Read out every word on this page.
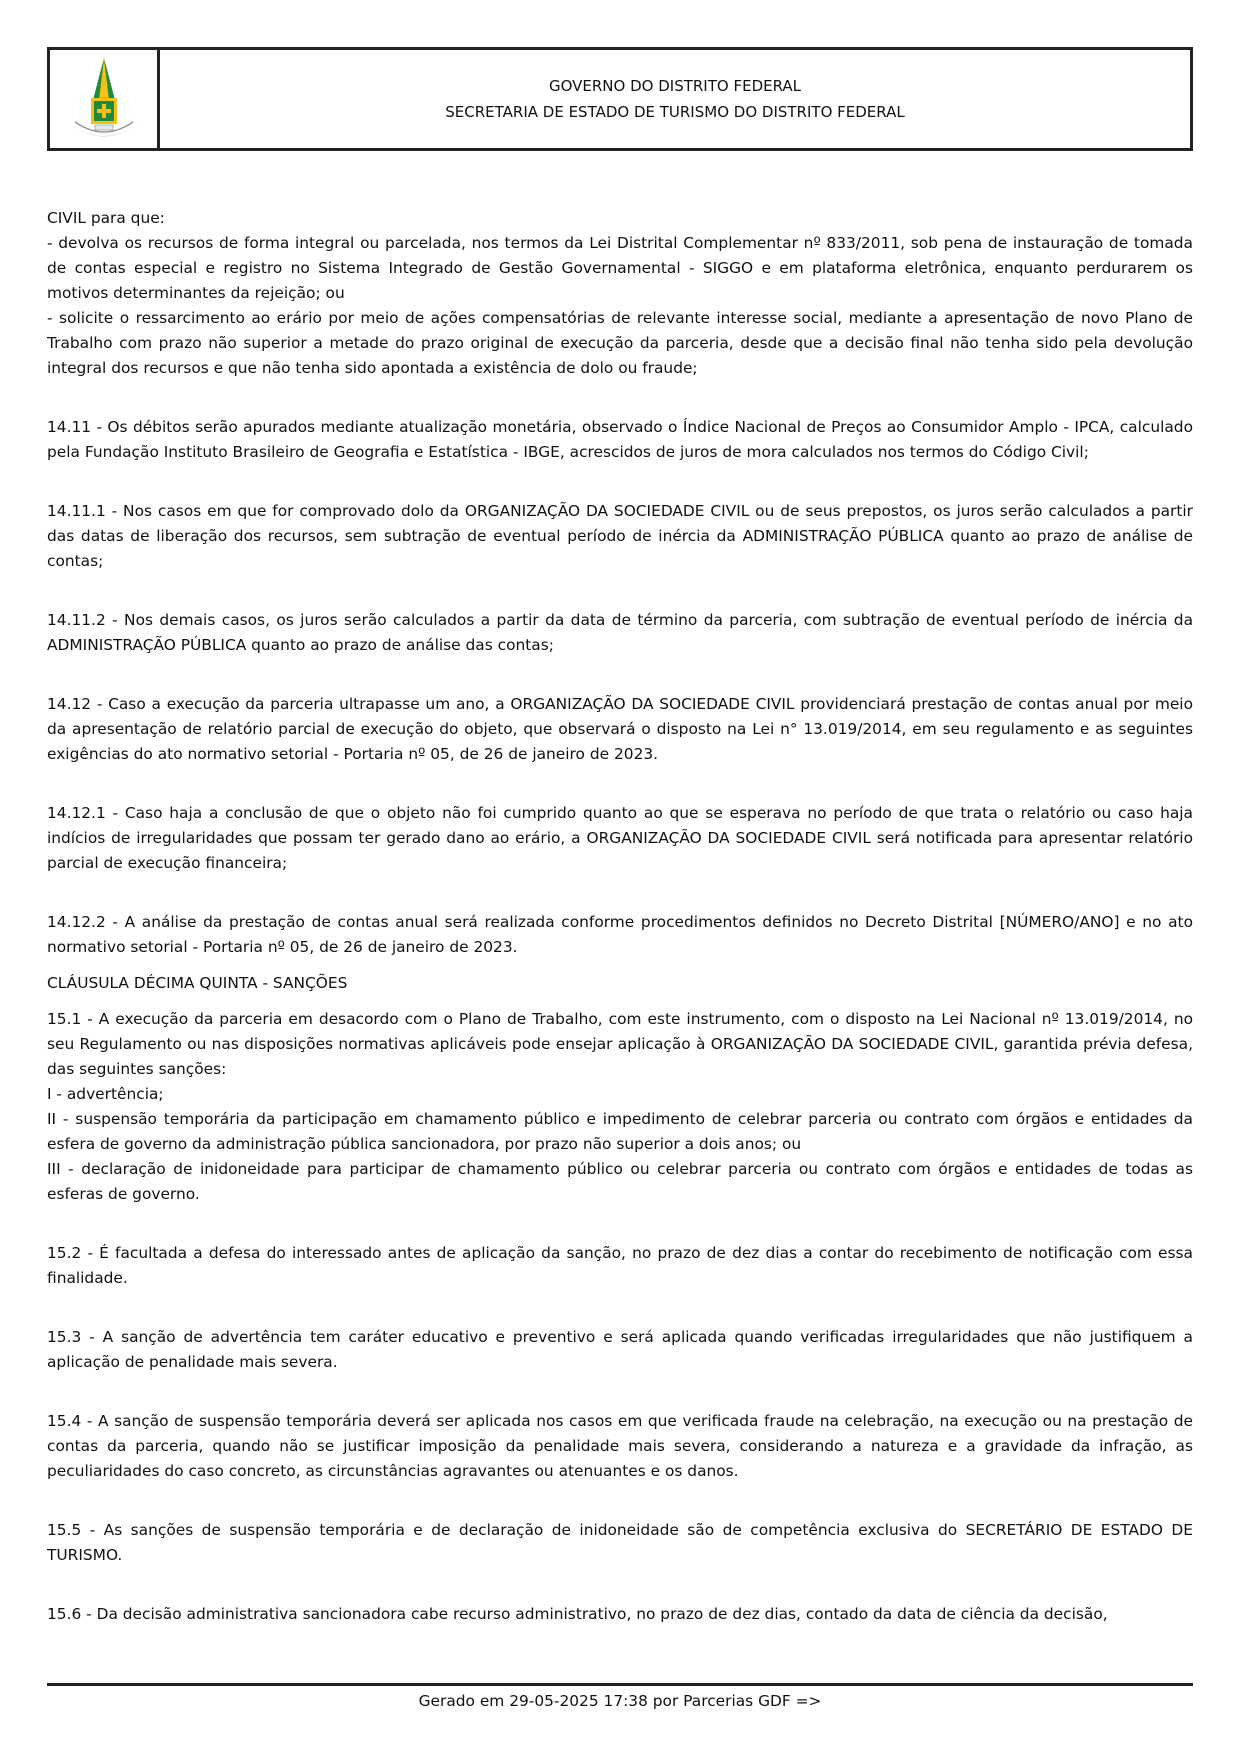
GOVERNO DO DISTRITO FEDERAL
SECRETARIA DE ESTADO DE TURISMO DO DISTRITO FEDERAL

CIVIL para que:

- devolva os recursos de forma integral ou parcelada, nos termos da Lei Distrital Complementar nº 833/2011, sob pena de instauração de tomada de contas especial e registro no Sistema Integrado de Gestão Governamental - SIGGO e em plataforma eletrônica, enquanto perdurarem os motivos determinantes da rejeição; ou

- solicite o ressarcimento ao erário por meio de ações compensatórias de relevante interesse social, mediante a apresentação de novo Plano de Trabalho com prazo não superior a metade do prazo original de execução da parceria, desde que a decisão final não tenha sido pela devolução integral dos recursos e que não tenha sido apontada a existência de dolo ou fraude;

14.11 - Os débitos serão apurados mediante atualização monetária, observado o Índice Nacional de Preços ao Consumidor Amplo - IPCA, calculado pela Fundação Instituto Brasileiro de Geografia e Estatística - IBGE, acrescidos de juros de mora calculados nos termos do Código Civil;

14.11.1 - Nos casos em que for comprovado dolo da ORGANIZAÇÃO DA SOCIEDADE CIVIL ou de seus prepostos, os juros serão calculados a partir das datas de liberação dos recursos, sem subtração de eventual período de inércia da ADMINISTRAÇÃO PÚBLICA quanto ao prazo de análise de contas;

14.11.2 - Nos demais casos, os juros serão calculados a partir da data de término da parceria, com subtração de eventual período de inércia da ADMINISTRAÇÃO PÚBLICA quanto ao prazo de análise das contas;

14.12 - Caso a execução da parceria ultrapasse um ano, a ORGANIZAÇÃO DA SOCIEDADE CIVIL providenciará prestação de contas anual por meio da apresentação de relatório parcial de execução do objeto, que observará o disposto na Lei n° 13.019/2014, em seu regulamento e as seguintes exigências do ato normativo setorial - Portaria nº 05, de 26 de janeiro de 2023.

14.12.1 - Caso haja a conclusão de que o objeto não foi cumprido quanto ao que se esperava no período de que trata o relatório ou caso haja indícios de irregularidades que possam ter gerado dano ao erário, a ORGANIZAÇÃO DA SOCIEDADE CIVIL será notificada para apresentar relatório parcial de execução financeira;

14.12.2 - A análise da prestação de contas anual será realizada conforme procedimentos definidos no Decreto Distrital [NÚMERO/ANO] e no ato normativo setorial - Portaria nº 05, de 26 de janeiro de 2023.

CLÁUSULA DÉCIMA QUINTA - SANÇÕES

15.1 - A execução da parceria em desacordo com o Plano de Trabalho, com este instrumento, com o disposto na Lei Nacional nº 13.019/2014, no seu Regulamento ou nas disposições normativas aplicáveis pode ensejar aplicação à ORGANIZAÇÃO DA SOCIEDADE CIVIL, garantida prévia defesa, das seguintes sanções:

I - advertência;

II - suspensão temporária da participação em chamamento público e impedimento de celebrar parceria ou contrato com órgãos e entidades da esfera de governo da administração pública sancionadora, por prazo não superior a dois anos; ou

III - declaração de inidoneidade para participar de chamamento público ou celebrar parceria ou contrato com órgãos e entidades de todas as esferas de governo.

15.2 - É facultada a defesa do interessado antes de aplicação da sanção, no prazo de dez dias a contar do recebimento de notificação com essa finalidade.

15.3 - A sanção de advertência tem caráter educativo e preventivo e será aplicada quando verificadas irregularidades que não justifiquem a aplicação de penalidade mais severa.

15.4 - A sanção de suspensão temporária deverá ser aplicada nos casos em que verificada fraude na celebração, na execução ou na prestação de contas da parceria, quando não se justificar imposição da penalidade mais severa, considerando a natureza e a gravidade da infração, as peculiaridades do caso concreto, as circunstâncias agravantes ou atenuantes e os danos.

15.5 - As sanções de suspensão temporária e de declaração de inidoneidade são de competência exclusiva do SECRETÁRIO DE ESTADO DE TURISMO.

15.6 - Da decisão administrativa sancionadora cabe recurso administrativo, no prazo de dez dias, contado da data de ciência da decisão,

Gerado em 29-05-2025 17:38 por Parcerias GDF =>
